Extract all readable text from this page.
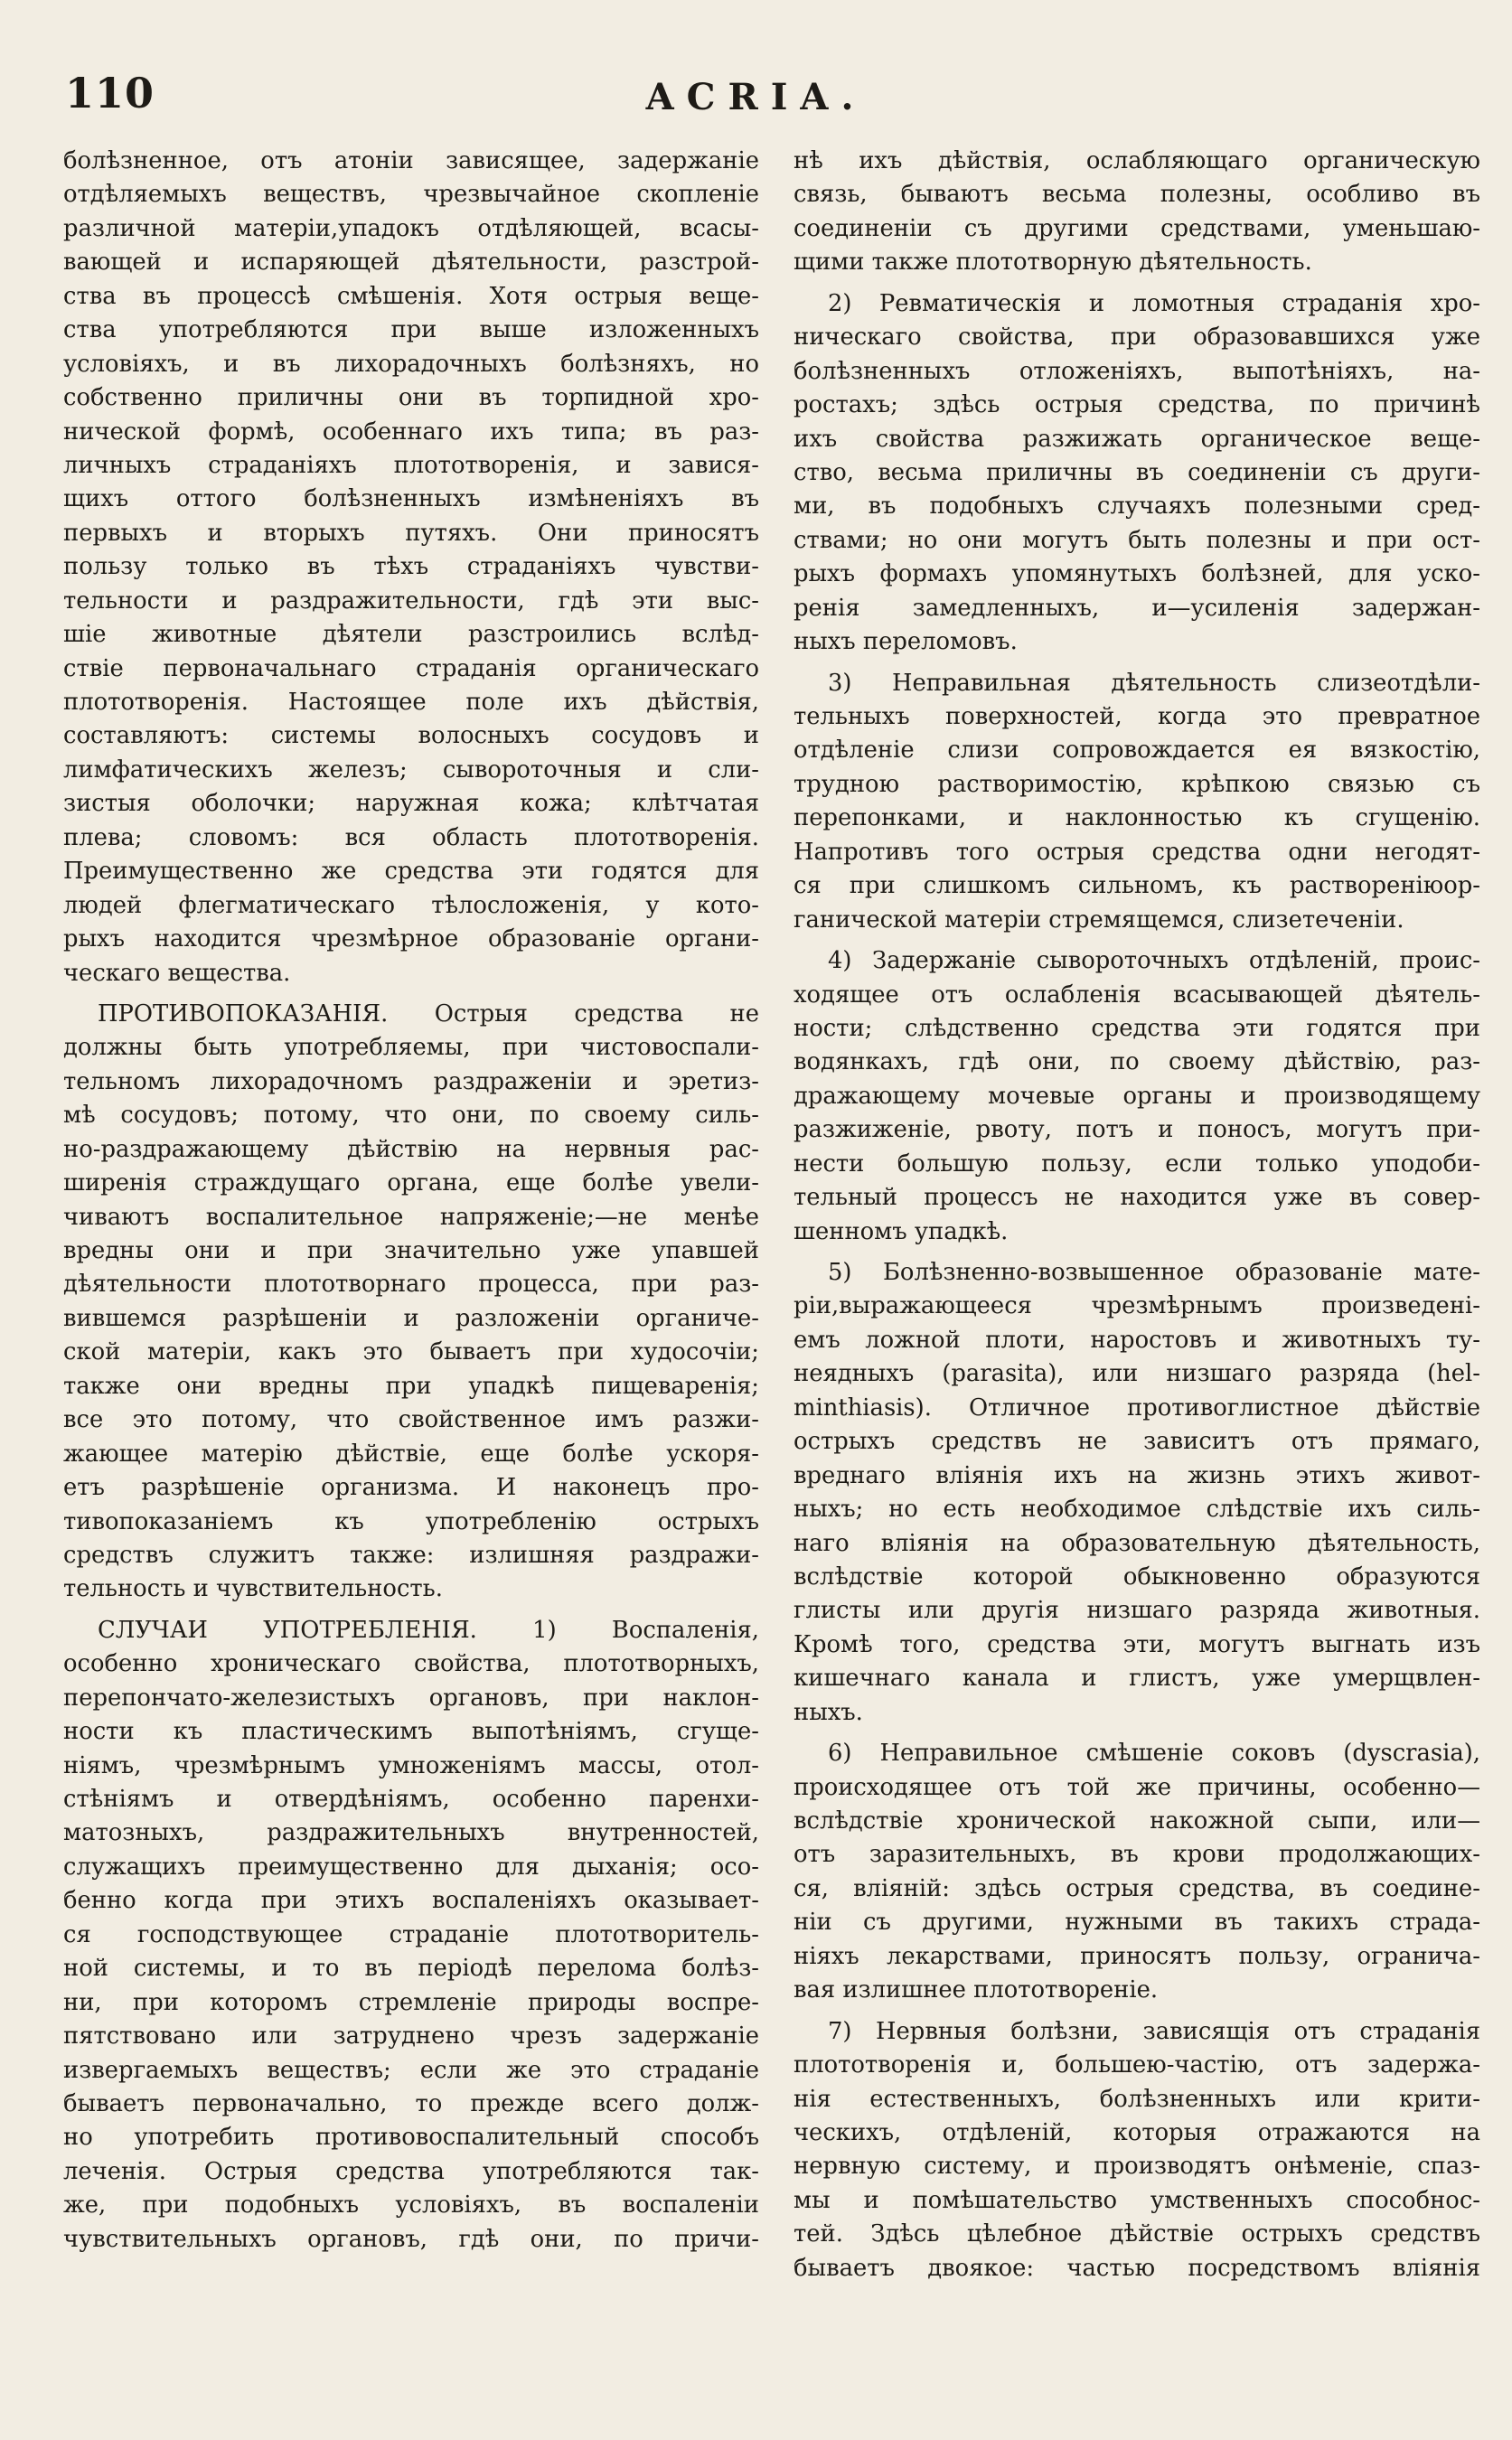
110	ACRIA.
болѣзненное, отъ атоніи зависящее, задержаніе
отдѣляемыхъ веществъ, чрезвычайное скопленіе
различной матеріи,упадокъ отдѣляющей, всасы-
вающей и испаряющей дѣятельности, разстрой-
ства въ процессѣ смѣшенія. Хотя острыя веще-
ства употребляются при выше изложенныхъ
условіяхъ, и въ лихорадочныхъ болѣзняхъ, но
собственно приличны они въ торпидной хро-
нической формѣ, особеннаго ихъ типа; въ раз-
личныхъ страданіяхъ плототворенія, и завися-
щихъ оттого болѣзненныхъ измѣненіяхъ въ
первыхъ и вторыхъ путяхъ. Они приносятъ
пользу только въ тѣхъ страданіяхъ чувстви-
тельности и раздражительности, гдѣ эти выс-
шіе животные дѣятели разстроились вслѣд-
ствіе первоначальнаго страданія органическаго
плототворенія. Настоящее поле ихъ дѣйствія,
составляютъ: системы волосныхъ сосудовъ и
лимфатическихъ железъ; сывороточныя и сли-
зистыя оболочки; наружная кожа; клѣтчатая
плева; словомъ: вся область плототворенія.
Преимущественно же средства эти годятся для
людей флегматическаго тѣлосложенія, у кото-
рыхъ находится чрезмѣрное образованіе органи-
ческаго вещества.
ПРОТИВОПОКАЗАНІЯ. Острыя средства не
должны быть употребляемы, при чистовоспали-
тельномъ лихорадочномъ раздраженіи и эретиз-
мѣ сосудовъ; потому, что они, по своему силь-
но-раздражающему дѣйствію на нервныя рас-
ширенія страждущаго органа, еще болѣе увели-
чиваютъ воспалительное напряженіе;—не менѣе
вредны они и при значительно уже упавшей
дѣятельности плототворнаго процесса, при раз-
вившемся разрѣшеніи и разложеніи органиче-
ской матеріи, какъ это бываетъ при худосочіи;
также они вредны при упадкѣ пищеваренія;
все это потому, что свойственное имъ разжи-
жающее матерію дѣйствіе, еще болѣе ускоря-
етъ разрѣшеніе организма. И наконецъ про-
тивопоказаніемъ къ употребленію острыхъ
средствъ служитъ также: излишняя раздражи-
тельность и чувствительность.
СЛУЧАИ УПОТРЕБЛЕНІЯ. 1) Воспаленія,
особенно хроническаго свойства, плототворныхъ,
перепончато-железистыхъ органовъ, при наклон-
ности къ пластическимъ выпотѣніямъ, сгуще-
ніямъ, чрезмѣрнымъ умноженіямъ массы, отол-
стѣніямъ и отвердѣніямъ, особенно паренхи-
матозныхъ, раздражительныхъ внутренностей,
служащихъ преимущественно для дыханія; осо-
бенно когда при этихъ воспаленіяхъ оказывает-
ся господствующее страданіе плототворитель-
ной системы, и то въ періодѣ перелома болѣз-
ни, при которомъ стремленіе природы воспре-
пятствовано или затруднено чрезъ задержаніе
извергаемыхъ веществъ; если же это страданіе
бываетъ первоначально, то прежде всего долж-
но употребить противовоспалительный способъ
леченія. Острыя средства употребляются так-
же, при подобныхъ условіяхъ, въ воспаленіи
чувствительныхъ органовъ, гдѣ они, по причи-
нѣ ихъ дѣйствія, ослабляющаго органическую
связь, бываютъ весьма полезны, особливо въ
соединеніи съ другими средствами, уменьшаю-
щими также плототворную дѣятельность.
2) Ревматическія и ломотныя страданія хро-
ническаго свойства, при образовавшихся уже
болѣзненныхъ отложеніяхъ, выпотѣніяхъ, на-
ростахъ; здѣсь острыя средства, по причинѣ
ихъ свойства разжижать органическое веще-
ство, весьма приличны въ соединеніи съ други-
ми, въ подобныхъ случаяхъ полезными сред-
ствами; но они могутъ быть полезны и при ост-
рыхъ формахъ упомянутыхъ болѣзней, для уско-
ренія замедленныхъ, и—усиленія задержан-
ныхъ переломовъ.
3) Неправильная дѣятельность слизеотдѣли-
тельныхъ поверхностей, когда это превратное
отдѣленіе слизи сопровождается ея вязкостію,
трудною растворимостію, крѣпкою связью съ
перепонками, и наклонностью къ сгущенію.
Напротивъ того острыя средства одни негодят-
ся при слишкомъ сильномъ, къ раствореніюор-
ганической матеріи стремящемся, слизетеченіи.
4) Задержаніе сывороточныхъ отдѣленій, проис-
ходящее отъ ослабленія всасывающей дѣятель-
ности; слѣдственно средства эти годятся при
водянкахъ, гдѣ они, по своему дѣйствію, раз-
дражающему мочевые органы и производящему
разжиженіе, рвоту, потъ и поносъ, могутъ при-
нести большую пользу, если только уподоби-
тельный процессъ не находится уже въ совер-
шенномъ упадкѣ.
5) Болѣзненно-возвышенное образованіе мате-
ріи,выражающееся чрезмѣрнымъ произведені-
емъ ложной плоти, наростовъ и животныхъ ту-
неядныхъ (parasita), или низшаго разряда (hel-
minthiasis). Отличное противоглистное дѣйствіе
острыхъ средствъ не зависитъ отъ прямаго,
вреднаго вліянія ихъ на жизнь этихъ живот-
ныхъ; но есть необходимое слѣдствіе ихъ силь-
наго вліянія на образовательную дѣятельность,
вслѣдствіе которой обыкновенно образуются
глисты или другія низшаго разряда животныя.
Кромѣ того, средства эти, могутъ выгнать изъ
кишечнаго канала и глистъ, уже умерщвлен-
ныхъ.
6) Неправильное смѣшеніе соковъ (dyscrasia),
происходящее отъ той же причины, особенно—
вслѣдствіе хронической накожной сыпи, или—
отъ заразительныхъ, въ крови продолжающих-
ся, вліяній: здѣсь острыя средства, въ соедине-
ніи съ другими, нужными въ такихъ страда-
ніяхъ лекарствами, приносятъ пользу, огранича-
вая излишнее плототвореніе.
7) Нервныя болѣзни, зависящія отъ страданія
плототворенія и, большею-частію, отъ задержа-
нія естественныхъ, болѣзненныхъ или крити-
ческихъ, отдѣленій, которыя отражаются на
нервную систему, и производятъ онѣменіе, спаз-
мы и помѣшательство умственныхъ способнос-
тей. Здѣсь цѣлебное дѣйствіе острыхъ средствъ
бываетъ двоякое: частью посредствомъ вліянія
